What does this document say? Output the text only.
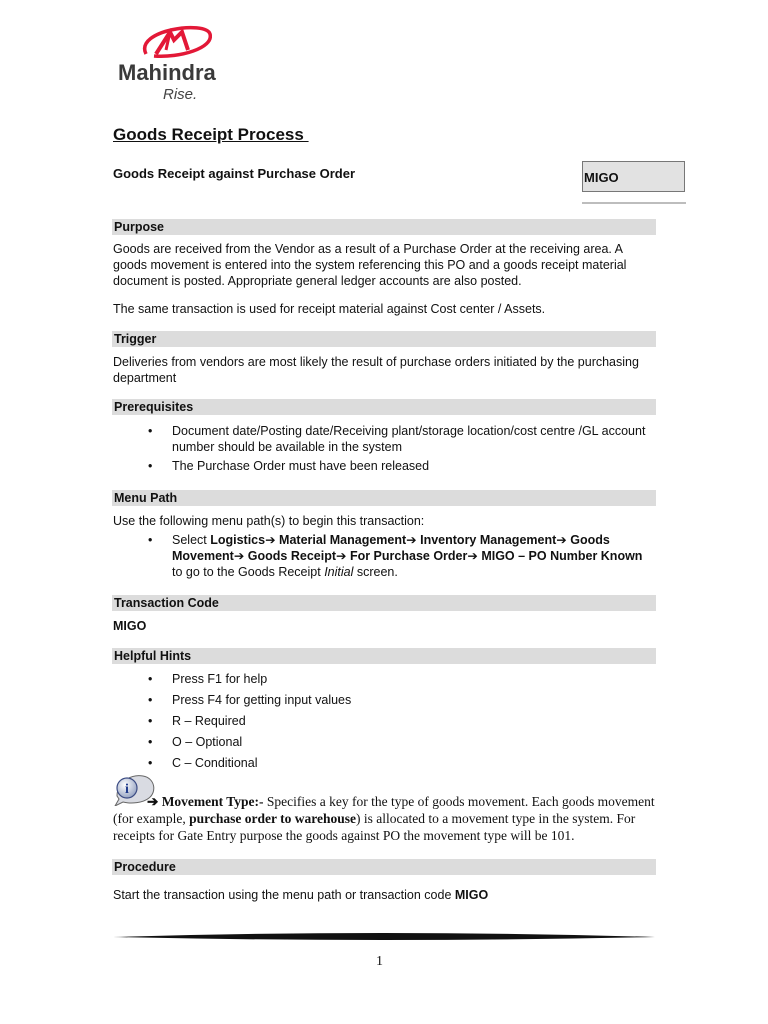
Mahindra
Rise.
Goods Receipt Process
Goods Receipt against Purchase Order	MIGO
Purpose
Goods are received from the Vendor as a result of a Purchase Order at the receiving area. A goods movement is entered into the system referencing this PO and a goods receipt material document is posted. Appropriate general ledger accounts are also posted.
The same transaction is used for receipt material against Cost center / Assets.
Trigger
Deliveries from vendors are most likely the result of purchase orders initiated by the purchasing department
Prerequisites
• Document date/Posting date/Receiving plant/storage location/cost centre /GL account number should be available in the system
• The Purchase Order must have been released
Menu Path
Use the following menu path(s) to begin this transaction:
• Select Logistics➔ Material Management➔ Inventory Management➔ Goods Movement➔ Goods Receipt➔ For Purchase Order➔ MIGO – PO Number Known
to go to the Goods Receipt Initial screen.
Transaction Code
MIGO
Helpful Hints
• Press F1 for help
• Press F4 for getting input values
• R – Required
• O – Optional
• C – Conditional
i
➔ Movement Type:- Specifies a key for the type of goods movement. Each goods movement (for example, purchase order to warehouse) is allocated to a movement type in the system. For receipts for Gate Entry purpose the goods against PO the movement type will be 101.
Procedure
Start the transaction using the menu path or transaction code MIGO
1
